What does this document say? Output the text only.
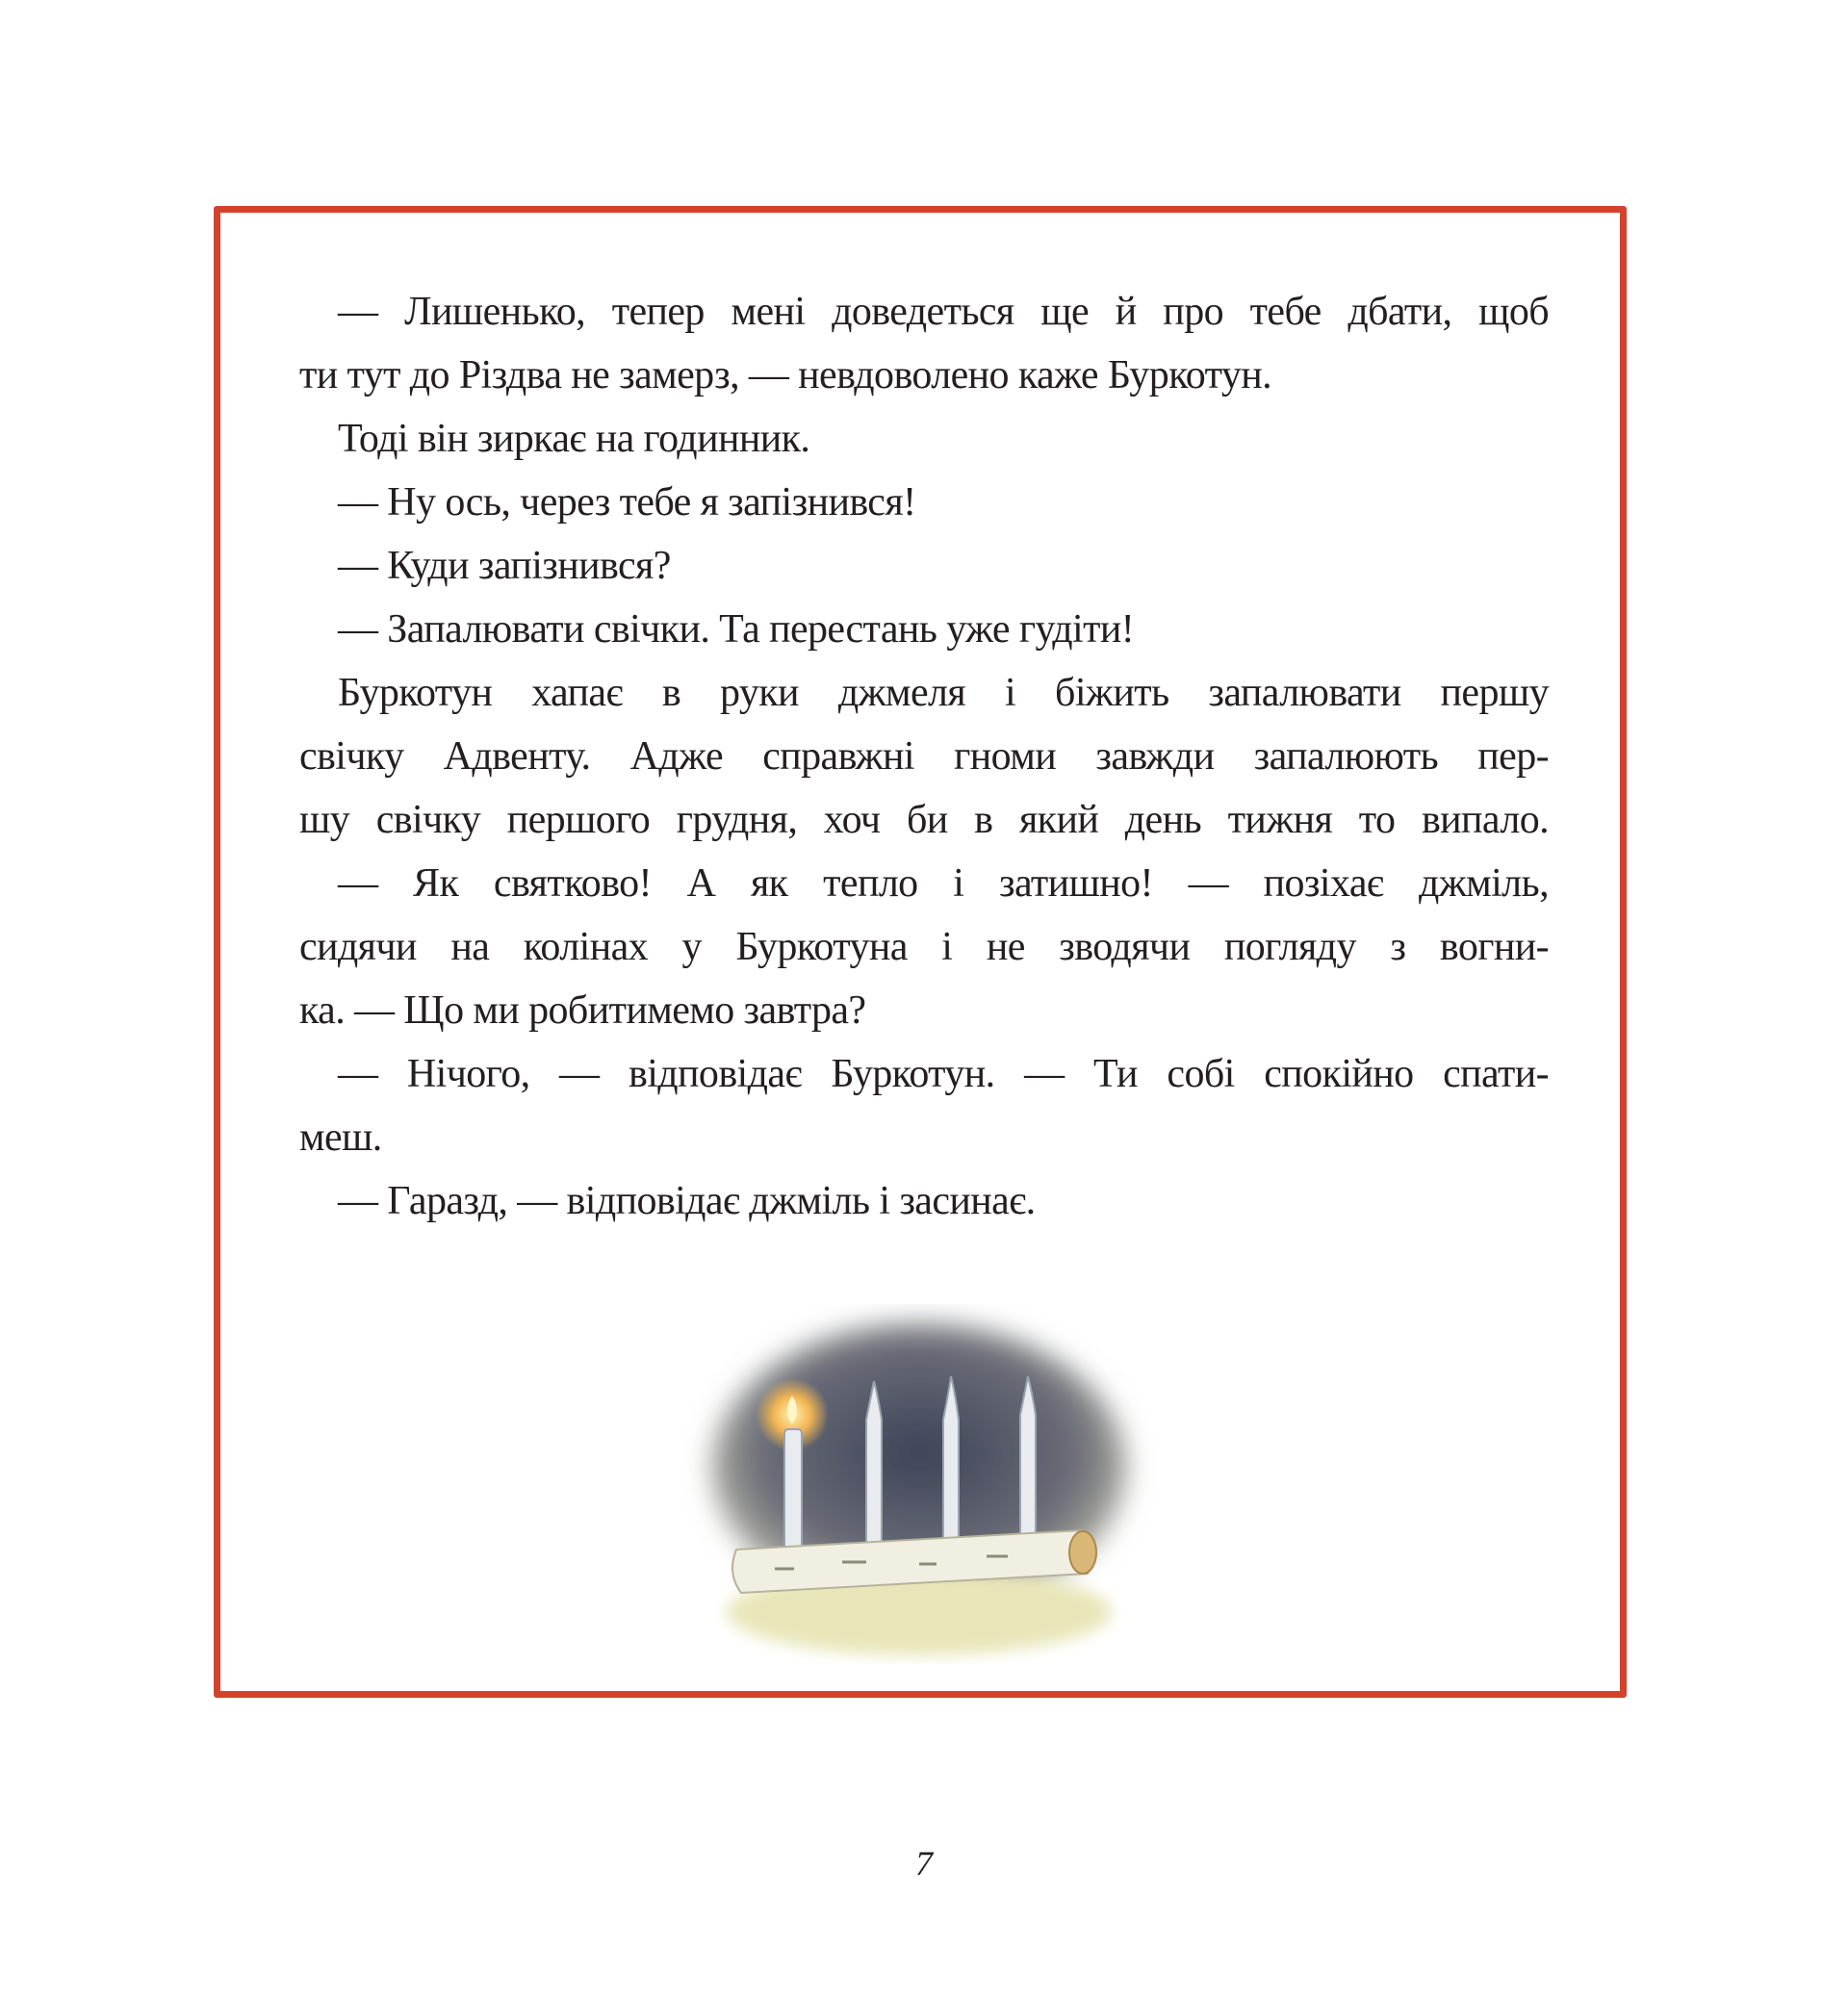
— Лишенько, тепер мені доведеться ще й про тебе дбати, щоб
ти тут до Різдва не замерз, — невдоволено каже Буркотун.
Тоді він зиркає на годинник.
— Ну ось, через тебе я запізнився!
— Куди запізнився?
— Запалювати свічки. Та перестань уже гудіти!
Буркотун хапає в руки джмеля і біжить запалювати першу
свічку Адвенту. Адже справжні гноми завжди запалюють пер-
шу свічку першого грудня, хоч би в який день тижня то випало.
— Як святково! А як тепло і затишно! — позіхає джміль,
сидячи на колінах у Буркотуна і не зводячи погляду з вогни-
ка. — Що ми робитимемо завтра?
— Нічого, — відповідає Буркотун. — Ти собі спокійно спати-
меш.
— Гаразд, — відповідає джміль і засинає.
7
